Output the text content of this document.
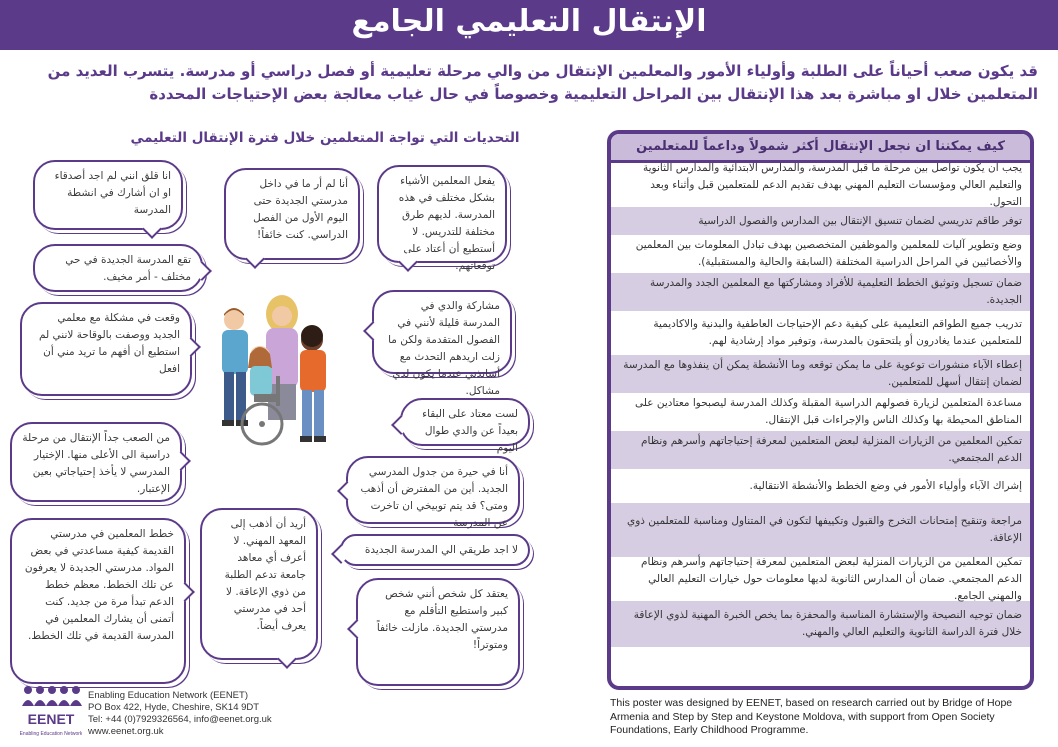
الإنتقال التعليمي الجامع
قد يكون صعب أحياناً على الطلبة وأولياء الأمور والمعلمين الإنتقال من والي مرحلة تعليمية أو فصل دراسي أو مدرسة. يتسرب العديد من المتعلمين خلال او مباشرة بعد هذا الإنتقال بين المراحل التعليمية وخصوصاً في حال غياب معالجة بعض الإحتياجات المحددة
التحديات التي تواجة المتعلمين خلال فترة الإنتقال التعليمي
انا قلق انني لم اجد أصدقاء او ان أشارك في انشطة المدرسة
أنا لم أر ما في داخل مدرستي الجديدة حتى اليوم الأول من الفصل الدراسي. كنت خائفاً!
يفعل المعلمين الأشياء بشكل مختلف في هذه المدرسة. لديهم طرق مختلفة للتدريس. لا أستطيع أن أعتاد على توقعاتهم.
تقع المدرسة الجديدة في حي مختلف - أمر مخيف.
مشاركة والدي في المدرسة قليلة لأنني في الفصول المتقدمة ولكن ما زلت اريدهم التحدث مع أساتذتي عندما يكون لدي مشاكل.
وقعت في مشكلة مع معلمي الجديد ووصفت بالوقاحة لانني لم استطيع أن أفهم ما تريد مني أن افعل
لست معتاد على البقاء بعيداً عن والدي طوال اليوم
من الصعب جداً الإنتقال من مرحلة دراسية الى الأعلى منها. الإختيار المدرسي لا يأخذ إحتياجاتي بعين الإعتبار.
أنا في حيرة من جدول المدرسي الجديد. أين من المفترض أن أذهب ومتى؟ قد يتم توبيخي ان تاخرت عن المدرسة
خطط المعلمين في مدرستي القديمة كيفية مساعدتي في بعض المواد. مدرستي الجديدة لا يعرفون عن تلك الخطط. معظم خطط الدعم تبدأ مرة من جديد. كنت أتمنى أن يشارك المعلمين في المدرسة القديمة في تلك الخطط.
أريد أن أذهب إلى المعهد المهني. لا أعرف أي معاهد جامعة تدعم الطلبة من ذوي الإعاقة. لا أحد في مدرستي يعرف أيضاً.
لا اجد طريقي الي المدرسة الجديدة
يعتقد كل شخص أنني شخص كبير واستطيع التأقلم مع مدرستي الجديدة. مازلت خائفاً ومتوتراً!
كيف يمكننا ان نجعل الإنتقال أكثر شمولاً وداعماً للمتعلمين
يجب ان يكون تواصل بين مرحلة ما قبل المدرسة، والمدارس الابتدائية والمدارس الثانوية والتعليم العالي ومؤسسات التعليم المهني بهدف تقديم الدعم للمتعلمين قبل وأثناء وبعد التحول.
توفر طاقم تدريسي لضمان تنسيق الإنتقال بين المدارس والفصول الدراسية
وضع وتطوير آليات للمعلمين والموظفين المتخصصين بهدف تبادل المعلومات بين المعلمين والأخصائيين في المراحل الدراسية المختلفة (السابقة والحالية والمستقبلية).
ضمان تسجيل وتوثيق الخطط التعليمية للأفراد ومشاركتها مع المعلمين الجدد والمدرسة الجديدة.
تدريب جميع الطواقم التعليمية على كيفية دعم الإحتياجات العاطفية والبدنية والاكاديمية للمتعلمين عندما يغادرون أو يلتحقون بالمدرسة، وتوفير مواد إرشادية لهم.
إعطاء الآباء منشورات توعوية على ما يمكن توقعه وما الأنشطة يمكن أن ينفذوها مع المدرسة لضمان إنتقال أسهل للمتعلمين.
مساعدة المتعلمين لزيارة فصولهم الدراسية المقبلة وكذلك المدرسة ليصبحوا معتادين على المناطق المحيطة بها وكذلك الناس والإجراءات قبل الإنتقال.
تمكين المعلمين من الزيارات المنزلية لبعض المتعلمين لمعرفة إحتياجاتهم وأسرهم ونظام الدعم المجتمعي.
إشراك الآباء وأولياء الأمور في وضع الخطط والأنشطة الانتقالية.
مراجعة وتنقيح إمتحانات التخرج والقبول وتكييفها لتكون في المتناول ومناسبة للمتعلمين ذوي الإعاقة.
تمكين المعلمين من الزيارات المنزلية لبعض المتعلمين لمعرفة إحتياجاتهم وأسرهم ونظام الدعم المجتمعي. ضمان أن المدارس الثانوية لديها معلومات حول خيارات التعليم العالي والمهني الجامع.
ضمان توجيه النصيحة والإستشارة المناسبة والمحفزة بما يخص الخبرة المهنية لذوي الإعاقة خلال فترة الدراسة الثانوية والتعليم العالي والمهني.
EENET
Enabling Education Network
Enabling Education Network (EENET)
PO Box 422, Hyde, Cheshire, SK14 9DT
Tel: +44 (0)7929326564, info@eenet.org.uk
www.eenet.org.uk
This poster was designed by EENET, based on research carried out by Bridge of Hope Armenia and Step by Step and Keystone Moldova, with support from Open Society Foundations, Early Childhood Programme.
